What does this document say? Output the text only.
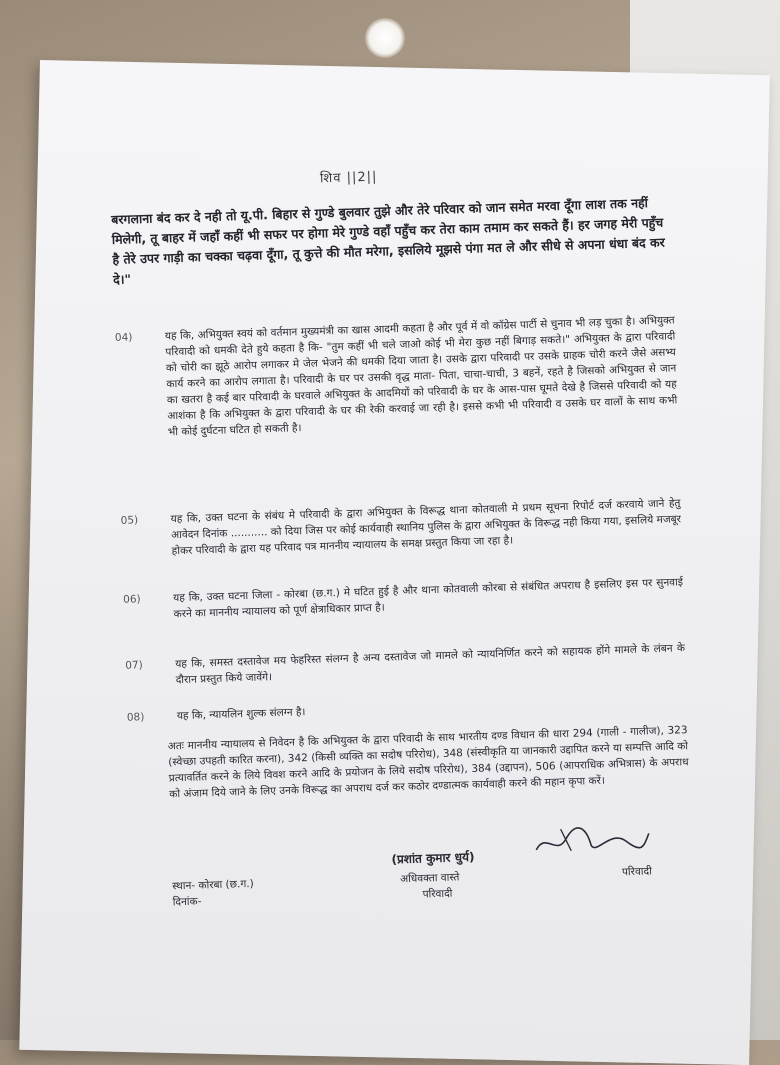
शिव ||2||
बरगलाना बंद कर दे नही तो यू.पी. बिहार से गुण्डे बुलवार तुझे और तेरे परिवार को जान समेत मरवा दूँगा लाश तक नहीं मिलेगी, तू बाहर में जहाँ कहीं भी सफर पर होगा मेरे गुण्डे वहाँ पहुँच कर तेरा काम तमाम कर सकते हैं। हर जगह मेरी पहुँच है तेरे उपर गाड़ी का चक्का चढ़वा दूँगा, तू कुत्ते की मौत मरेगा, इसलिये मूझसे पंगा मत ले और सीधे से अपना धंधा बंद कर दे।"
04)	यह कि, अभियुक्त स्वयं को वर्तमान मुख्यमंत्री का खास आदमी कहता है और पूर्व में वो कॉग्रेस पार्टी से चुनाव भी लड़ चुका है। अभियुक्त परिवादी को धमकी देते हुये कहता है कि- "तुम कहीं भी चले जाओ कोई भी मेरा कुछ नहीं बिगाड़ सकते।" अभियुक्त के द्वारा परिवादी को चोरी का झूठे आरोप लगाकर मे जेल भेजने की धमकी दिया जाता है। उसके द्वारा परिवादी पर उसके ग्राहक चोरी करने जैसे असभ्य कार्य करने का आरोप लगाता है। परिवादी के घर पर उसकी वृद्ध माता- पिता, चाचा-चाची, 3 बहनें, रहते है जिसको अभियुक्त से जान का खतरा है कई बार परिवादी के घरवाले अभियुक्त के आदमियों को परिवादी के घर के आस-पास घूमते देखे है जिससे परिवादी को यह आशंका है कि अभियुक्त के द्वारा परिवादी के घर की रेकी करवाई जा रही है। इससे कभी भी परिवादी व उसके घर वालों के साथ कभी भी कोई दुर्घटना घटित हो सकती है।
05)	यह कि, उक्त घटना के संबंध मे परिवादी के द्वारा अभियुक्त के विरूद्ध थाना कोतवाली मे प्रथम सूचना रिपोर्ट दर्ज करवाये जाने हेतु आवेदन दिनांक ........... को दिया जिस पर कोई कार्यवाही स्थानिय पुलिस के द्वारा अभियुक्त के विरूद्ध नही किया गया, इसलिये मजबूर होकर परिवादी के द्वारा यह परिवाद पत्र माननीय न्यायालय के समक्ष प्रस्तुत किया जा रहा है।
06)	यह कि, उक्त घटना जिला - कोरबा (छ.ग.) मे घटित हुई है और थाना कोतवाली कोरबा से संबंधित अपराध है इसलिए इस पर सुनवाई करने का माननीय न्यायालय को पूर्ण क्षेत्राधिकार प्राप्त है।
07)	यह कि, समस्त दस्तावेज मय फेहरिस्त संलग्न है अन्य दस्तावेज जो मामले को न्यायनिर्णित करने को सहायक होंगे मामले के लंबन के दौरान प्रस्तुत किये जावेंगे।
08)	यह कि, न्यायलिन शुल्क संलग्न है।
अतः माननीय न्यायालय से निवेदन है कि अभियुक्त के द्वारा परिवादी के साथ भारतीय दण्ड विधान की धारा 294 (गाली - गालीज), 323 (स्वेच्छा उपहती कारित करना), 342 (किसी व्यक्ति का सदोष परिरोध), 348 (संस्वीकृति या जानकारी उद्दापित करने या सम्पत्ति आदि को प्रत्यावर्तित करने के लिये विवश करने आदि के प्रयोजन के लिये सदोष परिरोध), 384 (उद्दापन), 506 (आपराधिक अभित्रास) के अपराध को अंजाम दिये जाने के लिए उनके विरूद्ध का अपराध दर्ज कर कठोर दण्डात्मक कार्यवाही करने की महान कृपा करें।
(प्रशांत कुमार धुर्य)
अधिवक्ता वास्ते
परिवादी
परिवादी
स्थान- कोरबा (छ.ग.)
दिनांक-
